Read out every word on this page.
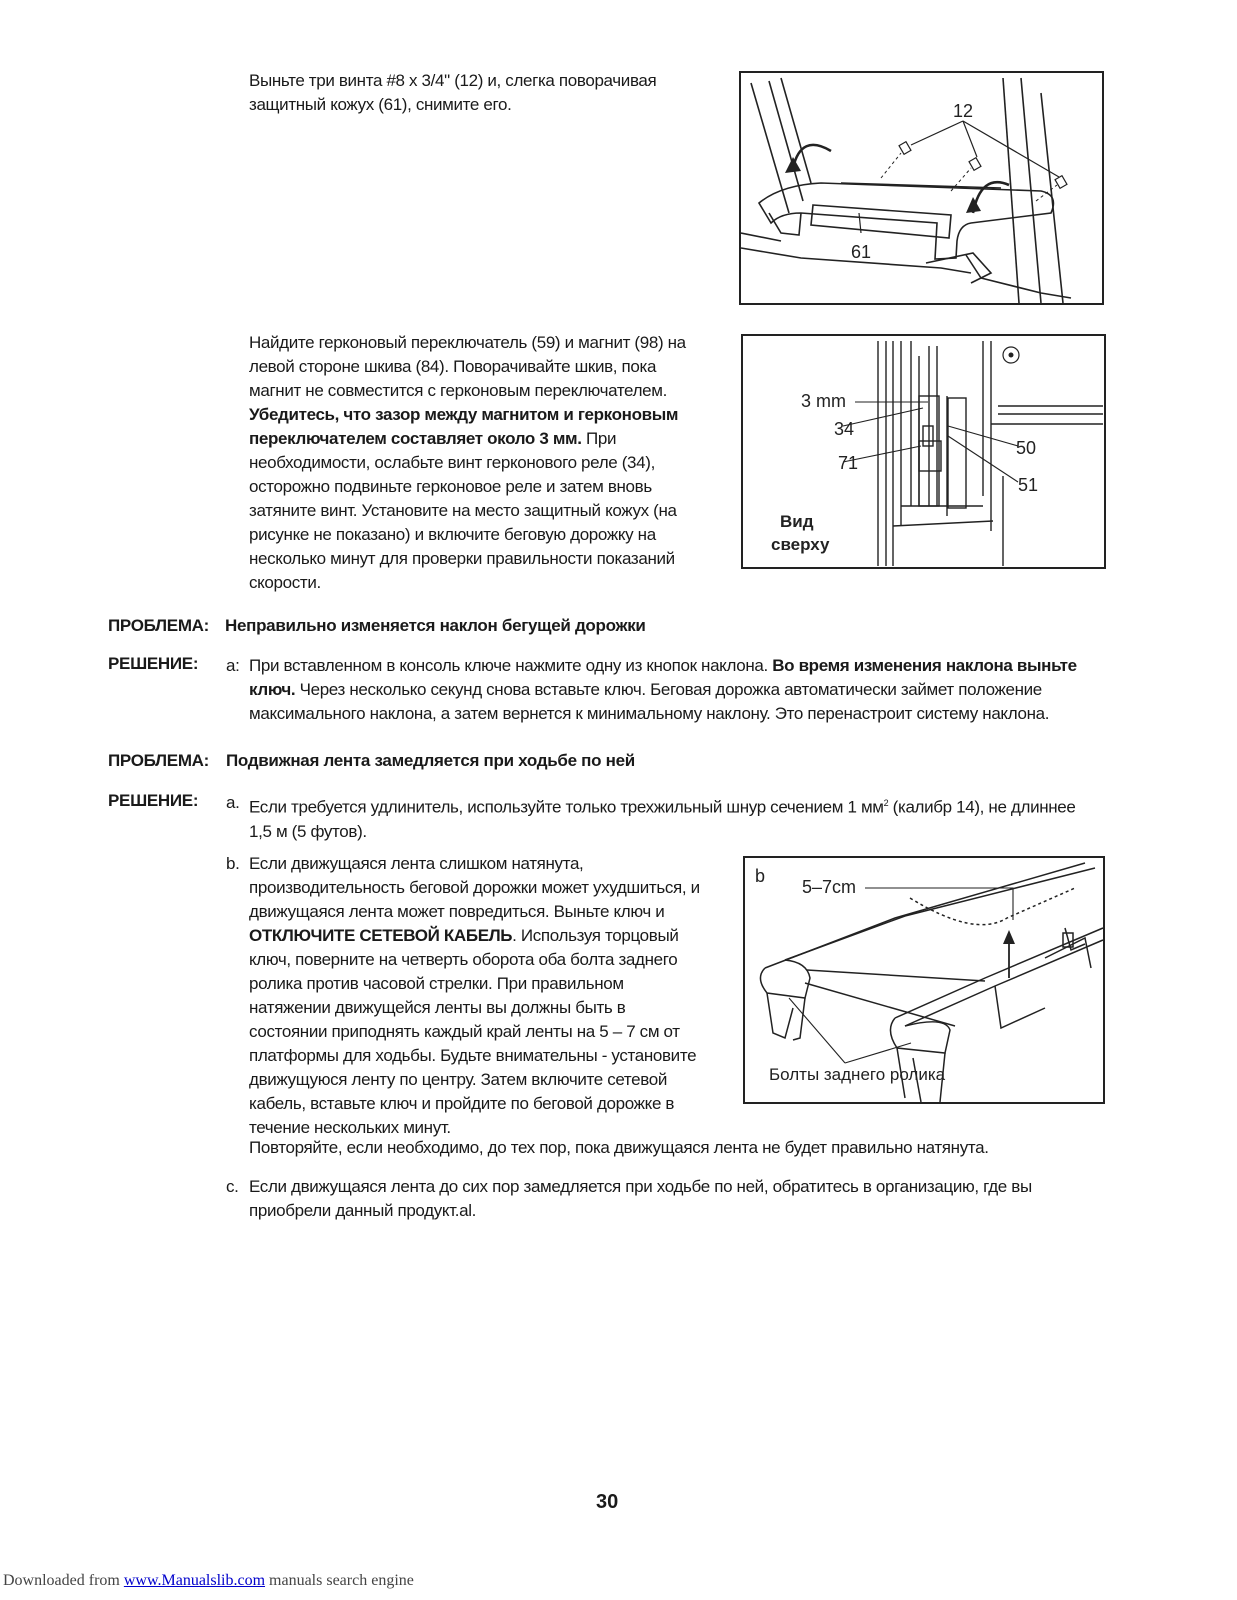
Выньте три винта #8 x 3/4" (12) и, слегка поворачивая защитный кожух (61), снимите его.	12
61

Найдите герконовый переключатель (59) и магнит (98) на левой стороне шкива (84). Поворачивайте шкив, пока магнит не совместится с герконовым переключателем. Убедитесь, что зазор между магнитом и герконовым переключателем составляет около 3 мм. При необходимости, ослабьте винт герконового реле (34), осторожно подвиньте герконовое реле и затем вновь затяните винт. Установите на место защитный кожух (на рисунке не показано) и включите беговую дорожку на несколько минут для проверки правильности показаний скорости.

3 mm
34
71
50
51
Вид
сверху
ПРОБЛЕМА: Неправильно изменяется наклон бегущей дорожки
РЕШЕНИЕ: a: При вставленном в консоль ключе нажмите одну из кнопок наклона. Во время изменения наклона выньте ключ. Через несколько секунд снова вставьте ключ. Беговая дорожка автоматически займет положение максимального наклона, а затем вернется к минимальному наклону. Это перенастроит систему наклона.

ПРОБЛЕМА: Подвижная лента замедляется при ходьбе по ней
РЕШЕНИЕ: a. Если требуется удлинитель, используйте только трехжильный шнур сечением 1 $мм^2$ (калибр 14), не длиннее 1,5 м (5 футов).

b. Если движущаяся лента слишком натянута, производительность беговой дорожки может ухудшиться, и движущаяся лента может повредиться. Выньте ключ и ОТКЛЮЧИТЕ СЕТЕВОЙ КАБЕЛЬ. Используя торцовый ключ, поверните на четверть оборота оба болта заднего ролика против часовой стрелки. При правильном натяжении движущейся ленты вы должны быть в состоянии приподнять каждый край ленты на 5 – 7 см от платформы для ходьбы. Будьте внимательны - установите движущуюся ленту по центру. Затем включите сетевой кабель, вставьте ключ и пройдите по беговой дорожке в течение нескольких минут.

Повторяйте, если необходимо, до тех пор, пока движущаяся лента не будет правильно натянута.
b
5–7cm
Болты заднего ролика
c. Если движущаяся лента до сих пор замедляется при ходьбе по ней, обратитесь в организацию, где вы приобрели данный продукт.al.

30
Downloaded from www.Manualslib.com manuals search engine
